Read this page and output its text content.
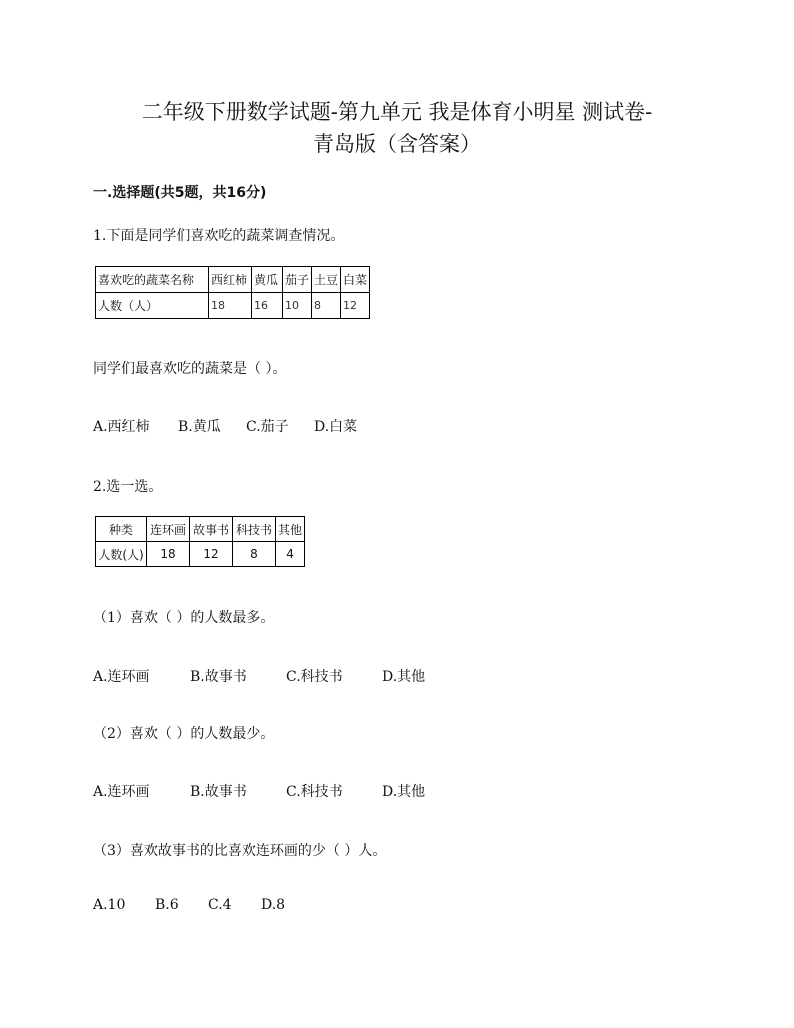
二年级下册数学试题-第九单元 我是体育小明星 测试卷-
青岛版（含答案）
一.选择题(共5题，共16分)
1.下面是同学们喜欢吃的蔬菜调查情况。
喜欢吃的蔬菜名称	西红柿	黄瓜	茄子	土豆	白菜
人数（人）	18	16	10	8	12
同学们最喜欢吃的蔬菜是（ ）。
A.西红柿 B.黄瓜 C.茄子 D.白菜
2.选一选。
种类	连环画	故事书	科技书	其他
人数(人)	18	12	8	4
（1）喜欢（ ）的人数最多。
A.连环画	B.故事书	C.科技书	D.其他
（2）喜欢（ ）的人数最少。
A.连环画	B.故事书	C.科技书	D.其他
（3）喜欢故事书的比喜欢连环画的少（ ）人。
A.10 B.6 C.4 D.8
